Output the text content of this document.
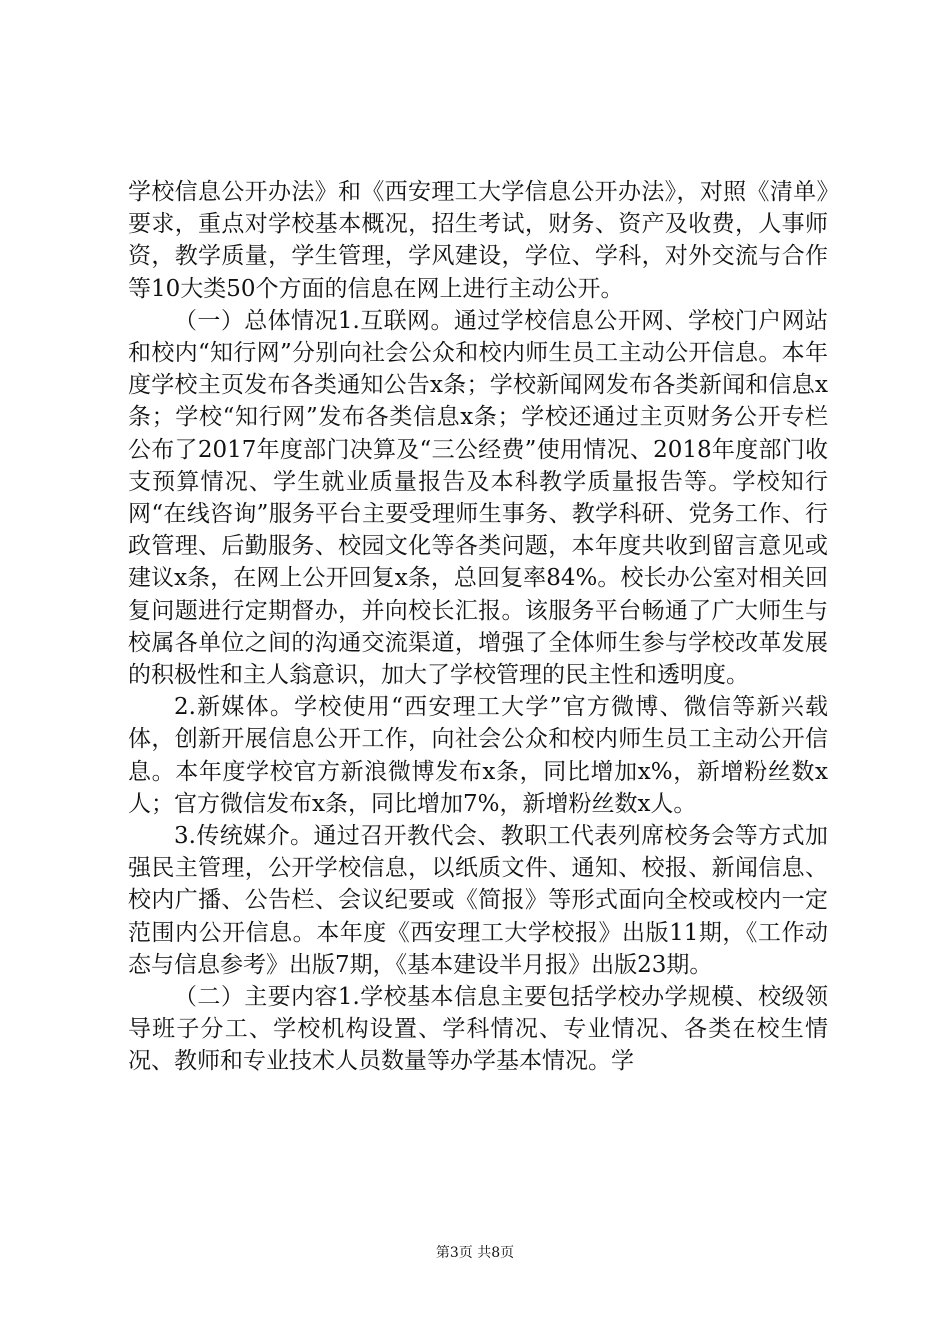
学校信息公开办法》和《西安理工大学信息公开办法》，对照《清单》要求，重点对学校基本概况，招生考试，财务、资产及收费，人事师资，教学质量，学生管理，学风建设，学位、学科，对外交流与合作等10大类50个方面的信息在网上进行主动公开。

（一）总体情况1.互联网。通过学校信息公开网、学校门户网站和校内“知行网”分别向社会公众和校内师生员工主动公开信息。本年度学校主页发布各类通知公告x条；学校新闻网发布各类新闻和信息x条；学校“知行网”发布各类信息x条；学校还通过主页财务公开专栏公布了2017年度部门决算及“三公经费”使用情况、2018年度部门收支预算情况、学生就业质量报告及本科教学质量报告等。学校知行网“在线咨询”服务平台主要受理师生事务、教学科研、党务工作、行政管理、后勤服务、校园文化等各类问题，本年度共收到留言意见或建议x条，在网上公开回复x条，总回复率84%。校长办公室对相关回复问题进行定期督办，并向校长汇报。该服务平台畅通了广大师生与校属各单位之间的沟通交流渠道，增强了全体师生参与学校改革发展的积极性和主人翁意识，加大了学校管理的民主性和透明度。

2.新媒体。学校使用“西安理工大学”官方微博、微信等新兴载体，创新开展信息公开工作，向社会公众和校内师生员工主动公开信息。本年度学校官方新浪微博发布x条，同比增加x%，新增粉丝数x人；官方微信发布x条，同比增加7%，新增粉丝数x人。

3.传统媒介。通过召开教代会、教职工代表列席校务会等方式加强民主管理，公开学校信息，以纸质文件、通知、校报、新闻信息、校内广播、公告栏、会议纪要或《简报》等形式面向全校或校内一定范围内公开信息。本年度《西安理工大学校报》出版11期，《工作动态与信息参考》出版7期，《基本建设半月报》出版23期。

（二）主要内容1.学校基本信息主要包括学校办学规模、校级领导班子分工、学校机构设置、学科情况、专业情况、各类在校生情况、教师和专业技术人员数量等办学基本情况。学

第3页 共8页
